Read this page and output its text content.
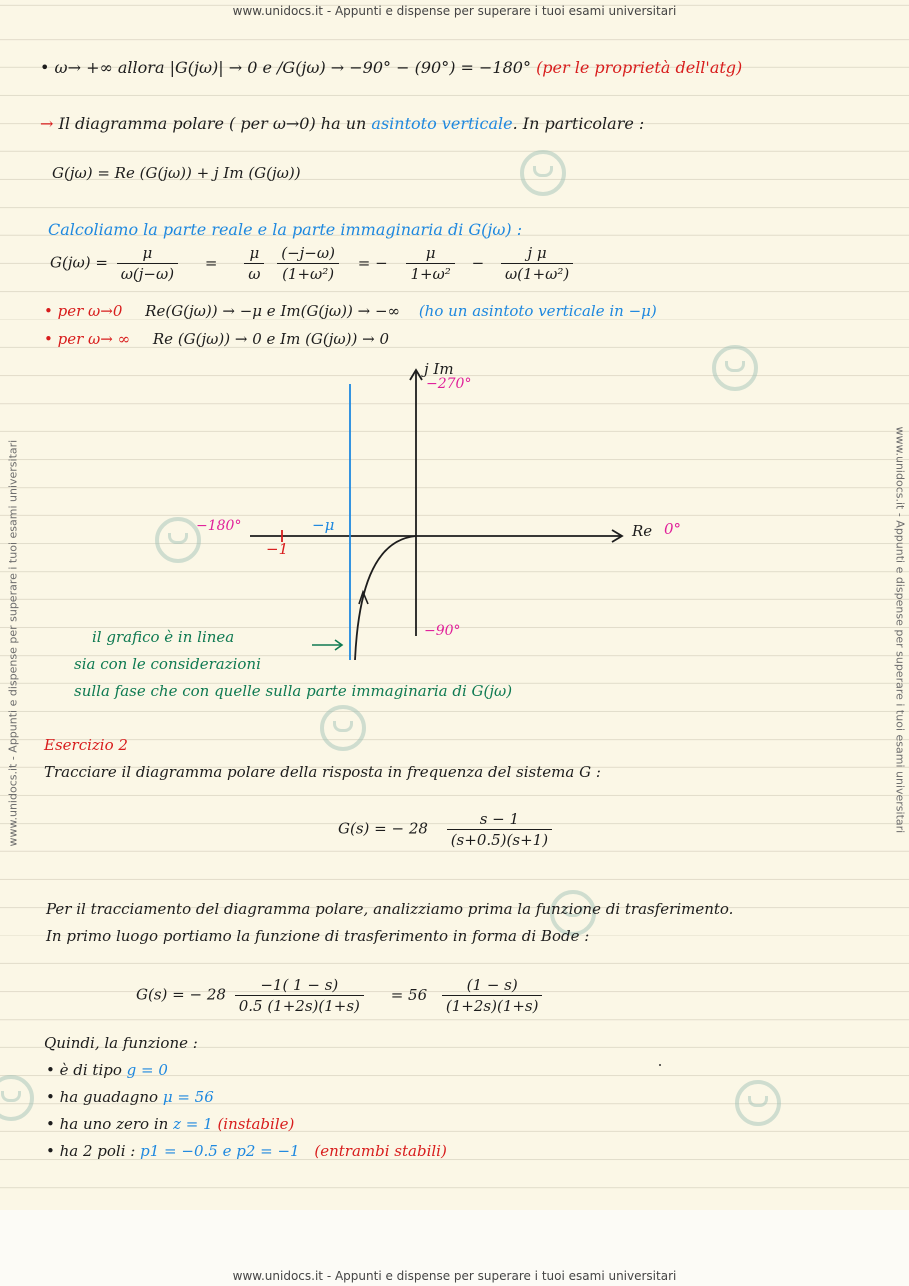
www.unidocs.it - Appunti e dispense per superare i tuoi esami universitari
www.unidocs.it - Appunti e dispense per superare i tuoi esami universitari
www.unidocs.it - Appunti e dispense per superare i tuoi esami universitari	www.unidocs.it - Appunti e dispense per superare i tuoi esami universitari
• ω→ +∞ allora |G(jω)| → 0 e /G(jω) → −90° − (90°) = −180° (per le proprietà dell'atg)
→ Il diagramma polare ( per ω→0) ha un asintoto verticale. In particolare :
G(jω) = Re (G(jω)) + j Im (G(jω))
Calcoliamo la parte reale e la parte immaginaria di G(jω) :
$G(j\omega) = \frac{\mu}{\omega(j-\omega)} = \frac{\mu}{\omega}$
$\frac{(-j-\omega)}{\text{(1+ω²)}}$ = − $\frac{\mu}{\text{1+ω²}} - \frac{\text{j μ}}{\text{ω(1+ω²)}}$
• per ω→0 Re(G(jω)) → −μ e Im(G(jω)) → −∞ (ho un asintoto verticale in −μ)
• per ω→ ∞ Re (G(jω)) → 0 e Im (G(jω)) → 0
j Im
−270°
−180°	−μ
−1
Re 0°
−90°
il grafico è in linea
sia con le considerazioni
sulla fase che con quelle sulla parte immaginaria di G(jω)
Esercizio 2
Tracciare il diagramma polare della risposta in frequenza del sistema G :
G(s) = − $28 \frac{s - 1}{(s+0.5)(s+1)}$
Per il tracciamento del diagramma polare, analizziamo prima la funzione di trasferimento.
In primo luogo portiamo la funzione di trasferimento in forma di Bode :
G(s) = − $28 \frac{-1( 1 - s)}{0.5 (1+2s)(1+s)} = 56 \frac{(1 - s)}{(1+2s)(1+s)}$
Quindi, la funzione :
• è di tipo g = 0
• ha guadagno μ = 56
• ha uno zero in z = 1 (instabile)
• ha 2 poli : p1 = −0.5 e p2 = −1 (entrambi stabili)
